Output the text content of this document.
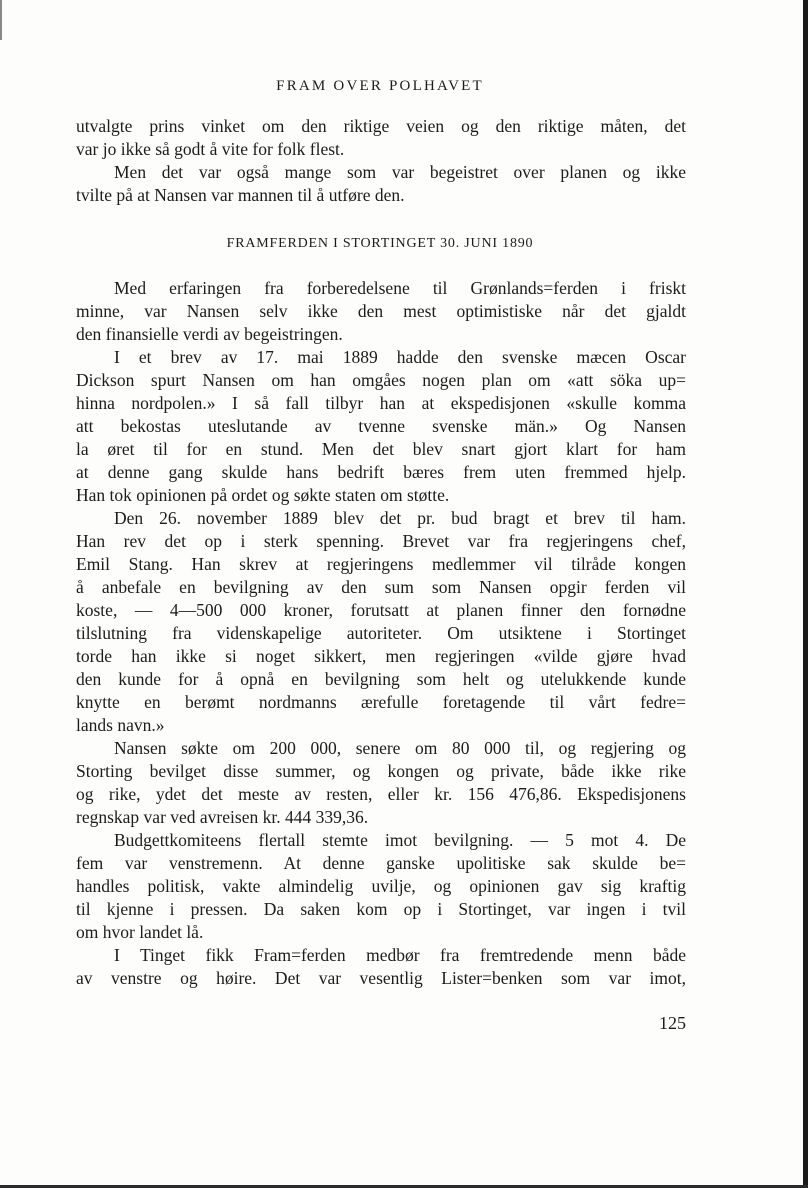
FRAM OVER POLHAVET
utvalgte prins vinket om den riktige veien og den riktige måten, det
var jo ikke så godt å vite for folk flest.
Men det var også mange som var begeistret over planen og ikke
tvilte på at Nansen var mannen til å utføre den.
FRAMFERDEN I STORTINGET 30. JUNI 1890
Med erfaringen fra forberedelsene til Grønlands=ferden i friskt
minne, var Nansen selv ikke den mest optimistiske når det gjaldt
den finansielle verdi av begeistringen.
I et brev av 17. mai 1889 hadde den svenske mæcen Oscar
Dickson spurt Nansen om han omgåes nogen plan om «att söka up=
hinna nordpolen.» I så fall tilbyr han at ekspedisjonen «skulle komma
att bekostas uteslutande av tvenne svenske män.» Og Nansen
la øret til for en stund. Men det blev snart gjort klart for ham
at denne gang skulde hans bedrift bæres frem uten fremmed hjelp.
Han tok opinionen på ordet og søkte staten om støtte.
Den 26. november 1889 blev det pr. bud bragt et brev til ham.
Han rev det op i sterk spenning. Brevet var fra regjeringens chef,
Emil Stang. Han skrev at regjeringens medlemmer vil tilråde kongen
å anbefale en bevilgning av den sum som Nansen opgir ferden vil
koste, — 4—500 000 kroner, forutsatt at planen finner den fornødne
tilslutning fra videnskapelige autoriteter. Om utsiktene i Stortinget
torde han ikke si noget sikkert, men regjeringen «vilde gjøre hvad
den kunde for å opnå en bevilgning som helt og utelukkende kunde
knytte en berømt nordmanns ærefulle foretagende til vårt fedre=
lands navn.»
Nansen søkte om 200 000, senere om 80 000 til, og regjering og
Storting bevilget disse summer, og kongen og private, både ikke rike
og rike, ydet det meste av resten, eller kr. 156 476,86. Ekspedisjonens
regnskap var ved avreisen kr. 444 339,36.
Budgettkomiteens flertall stemte imot bevilgning. — 5 mot 4. De
fem var venstremenn. At denne ganske upolitiske sak skulde be=
handles politisk, vakte almindelig uvilje, og opinionen gav sig kraftig
til kjenne i pressen. Da saken kom op i Stortinget, var ingen i tvil
om hvor landet lå.
I Tinget fikk Fram=ferden medbør fra fremtredende menn både
av venstre og høire. Det var vesentlig Lister=benken som var imot,
125
